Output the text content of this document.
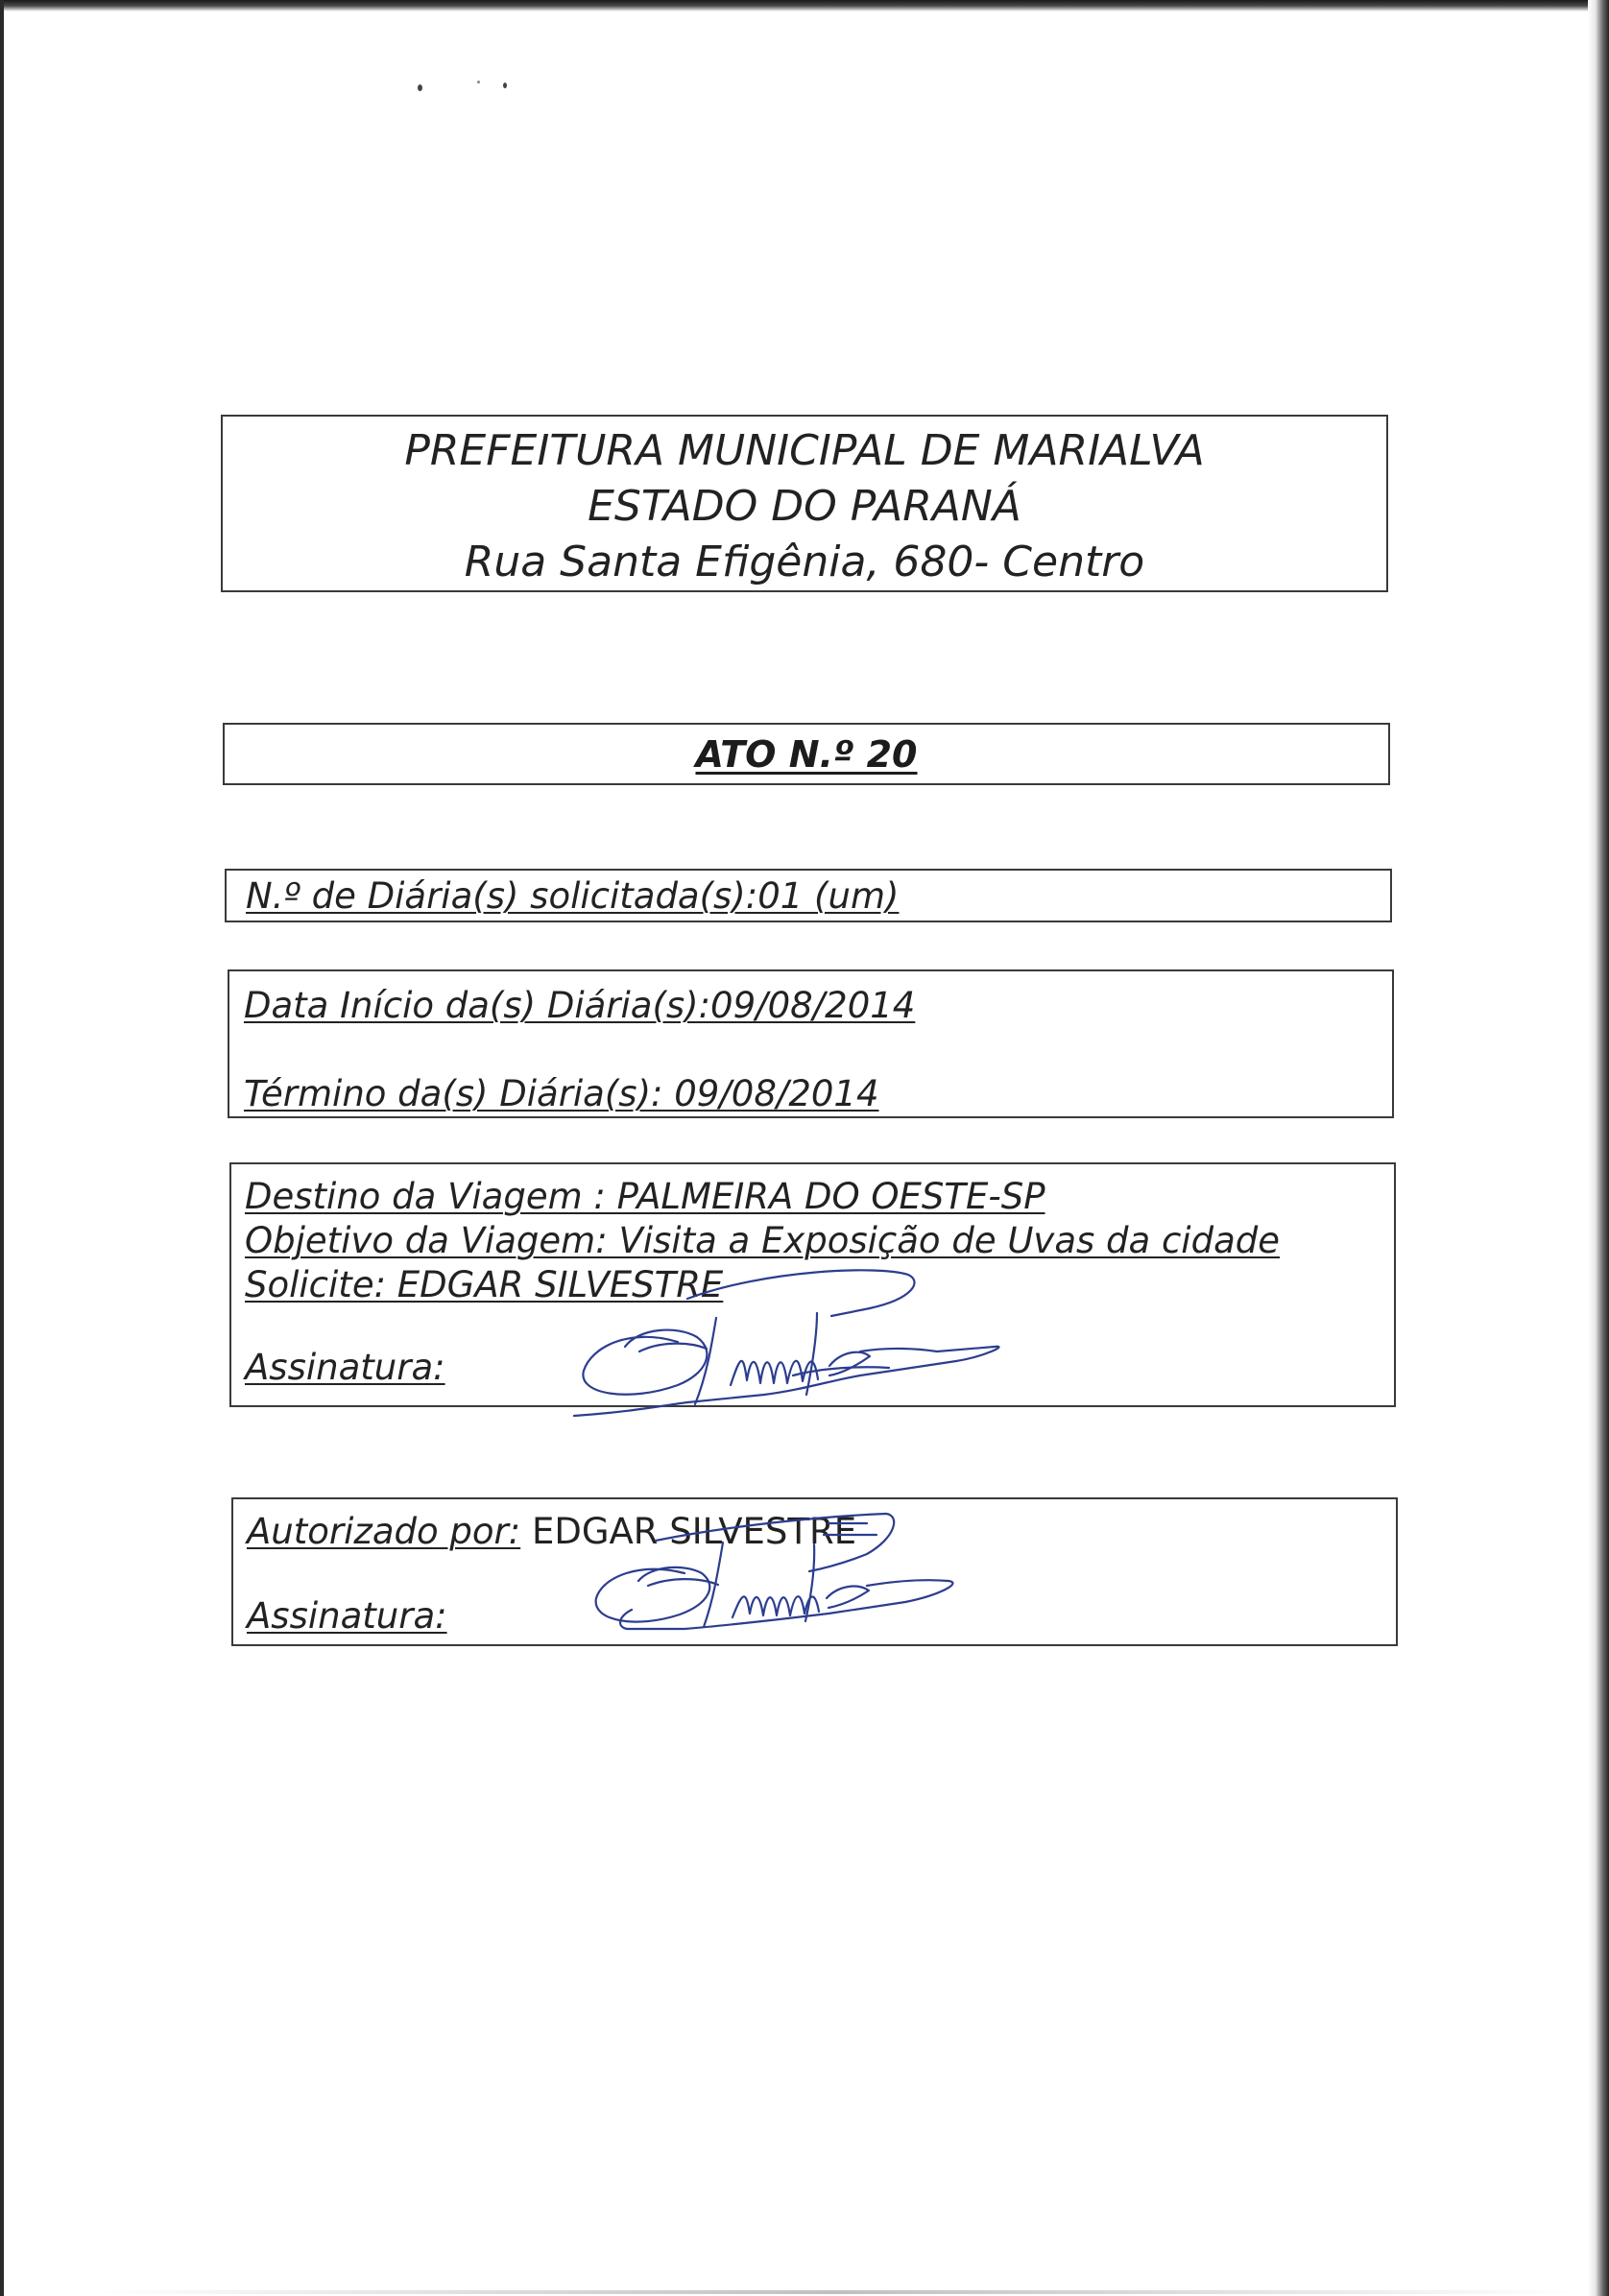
PREFEITURA MUNICIPAL DE MARIALVA
ESTADO DO PARANÁ
Rua Santa Efigênia, 680- Centro
ATO N.º 20
N.º de Diária(s) solicitada(s):01 (um)
Data Início da(s) Diária(s):09/08/2014
Término da(s) Diária(s): 09/08/2014
Destino da Viagem : PALMEIRA DO OESTE-SP
Objetivo da Viagem: Visita a Exposição de Uvas da cidade
Solicite: EDGAR SILVESTRE
Assinatura:
Autorizado por: EDGAR SILVESTRE
Assinatura:
